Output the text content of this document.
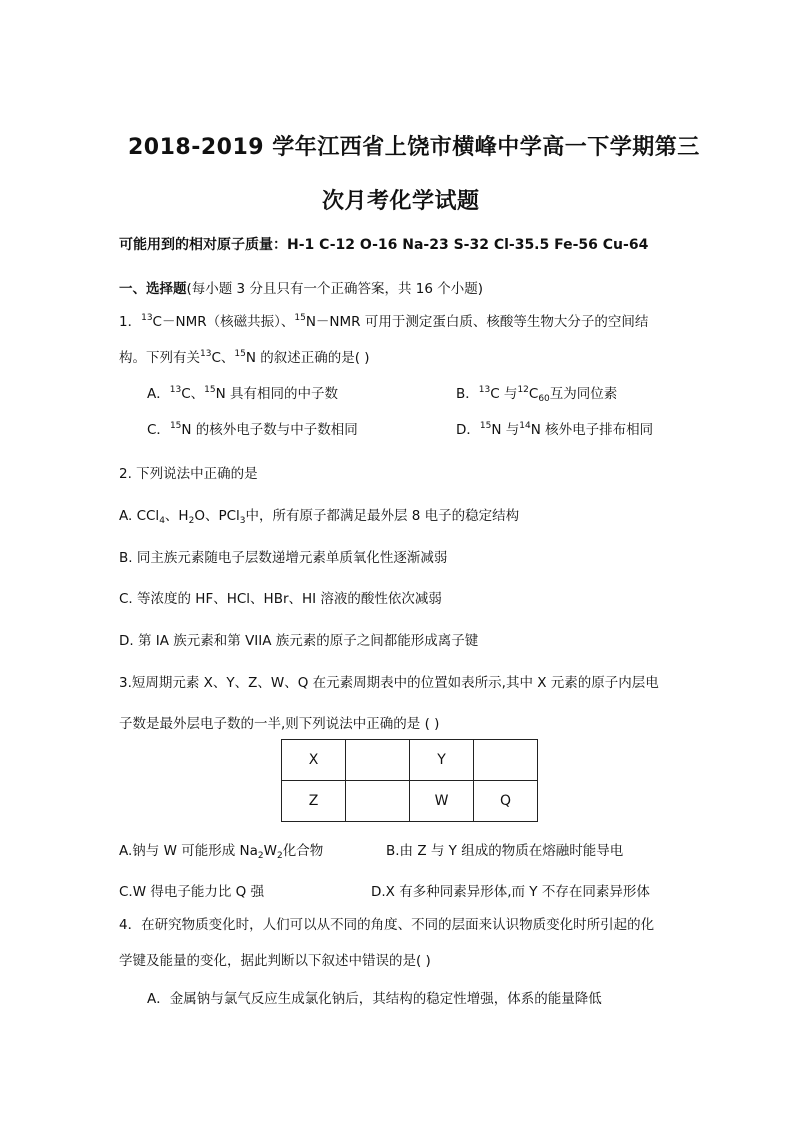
2018-2019 学年江西省上饶市横峰中学高一下学期第三
次月考化学试题
可能用到的相对原子质量：H-1 C-12 O-16 Na-23 S-32 Cl-35.5 Fe-56 Cu-64
一、选择题(每小题 3 分且只有一个正确答案，共 16 个小题)
1．$^{13}$C－NMR（核磁共振）、$^{15}$N－NMR 可用于测定蛋白质、核酸等生物大分子的空间结
构。下列有关$^{13}$C、$^{15}$N 的叙述正确的是( )
A．$^{13}$C、$^{15}$N 具有相同的中子数	B．$^{13}$C 与$^{12}C_{60}$互为同位素
C．$^{15}$N 的核外电子数与中子数相同	D．$^{15}$N 与$^{14}$N 核外电子排布相同
2. 下列说法中正确的是
A. CCl$_4$、$H_2O$、PCl$_3$中，所有原子都满足最外层 8 电子的稳定结构
B. 同主族元素随电子层数递增元素单质氧化性逐渐减弱
C. 等浓度的 HF、HCl、HBr、HI 溶液的酸性依次减弱
D. 第 IA 族元素和第 VIIA 族元素的原子之间都能形成离子键
3.短周期元素 X、Y、Z、W、Q 在元素周期表中的位置如表所示,其中 X 元素的原子内层电
子数是最外层电子数的一半,则下列说法中正确的是 ( )
X		Y	
Z		W	Q
A.钠与 W 可能形成 $Na_2W_2$化合物	B.由 Z 与 Y 组成的物质在熔融时能导电
C.W 得电子能力比 Q 强	D.X 有多种同素异形体,而 Y 不存在同素异形体
4．在研究物质变化时，人们可以从不同的角度、不同的层面来认识物质变化时所引起的化
学键及能量的变化，据此判断以下叙述中错误的是( )
A．金属钠与氯气反应生成氯化钠后，其结构的稳定性增强，体系的能量降低
